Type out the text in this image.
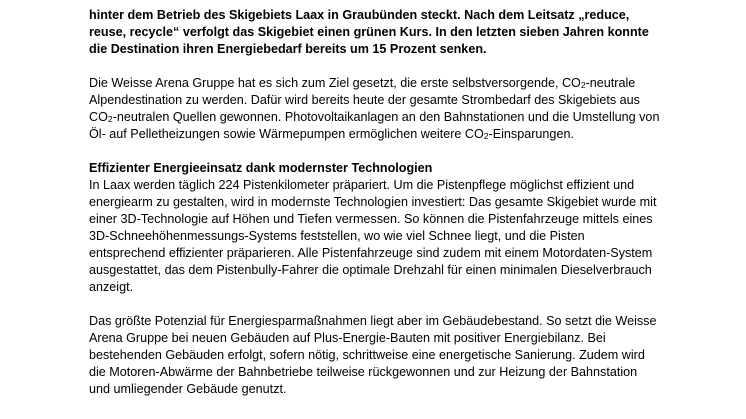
hinter dem Betrieb des Skigebiets Laax in Graubünden steckt. Nach dem Leitsatz „reduce,
reuse, recycle“ verfolgt das Skigebiet einen grünen Kurs. In den letzten sieben Jahren konnte
die Destination ihren Energiebedarf bereits um 15 Prozent senken.
Die Weisse Arena Gruppe hat es sich zum Ziel gesetzt, die erste selbstversorgende, CO2-neutrale
Alpendestination zu werden. Dafür wird bereits heute der gesamte Strombedarf des Skigebiets aus
CO2-neutralen Quellen gewonnen. Photovoltaikanlagen an den Bahnstationen und die Umstellung von
Öl- auf Pelletheizungen sowie Wärmepumpen ermöglichen weitere CO2-Einsparungen.
Effizienter Energieeinsatz dank modernster Technologien
In Laax werden täglich 224 Pistenkilometer präpariert. Um die Pistenpflege möglichst effizient und
energiearm zu gestalten, wird in modernste Technologien investiert: Das gesamte Skigebiet wurde mit
einer 3D-Technologie auf Höhen und Tiefen vermessen. So können die Pistenfahrzeuge mittels eines
3D-Schneehöhenmessungs-Systems feststellen, wo wie viel Schnee liegt, und die Pisten
entsprechend effizienter präparieren. Alle Pistenfahrzeuge sind zudem mit einem Motordaten-System
ausgestattet, das dem Pistenbully-Fahrer die optimale Drehzahl für einen minimalen Dieselverbrauch
anzeigt.
Das größte Potenzial für Energiesparmaßnahmen liegt aber im Gebäudebestand. So setzt die Weisse
Arena Gruppe bei neuen Gebäuden auf Plus-Energie-Bauten mit positiver Energiebilanz. Bei
bestehenden Gebäuden erfolgt, sofern nötig, schrittweise eine energetische Sanierung. Zudem wird
die Motoren-Abwärme der Bahnbetriebe teilweise rückgewonnen und zur Heizung der Bahnstation
und umliegender Gebäude genutzt.
